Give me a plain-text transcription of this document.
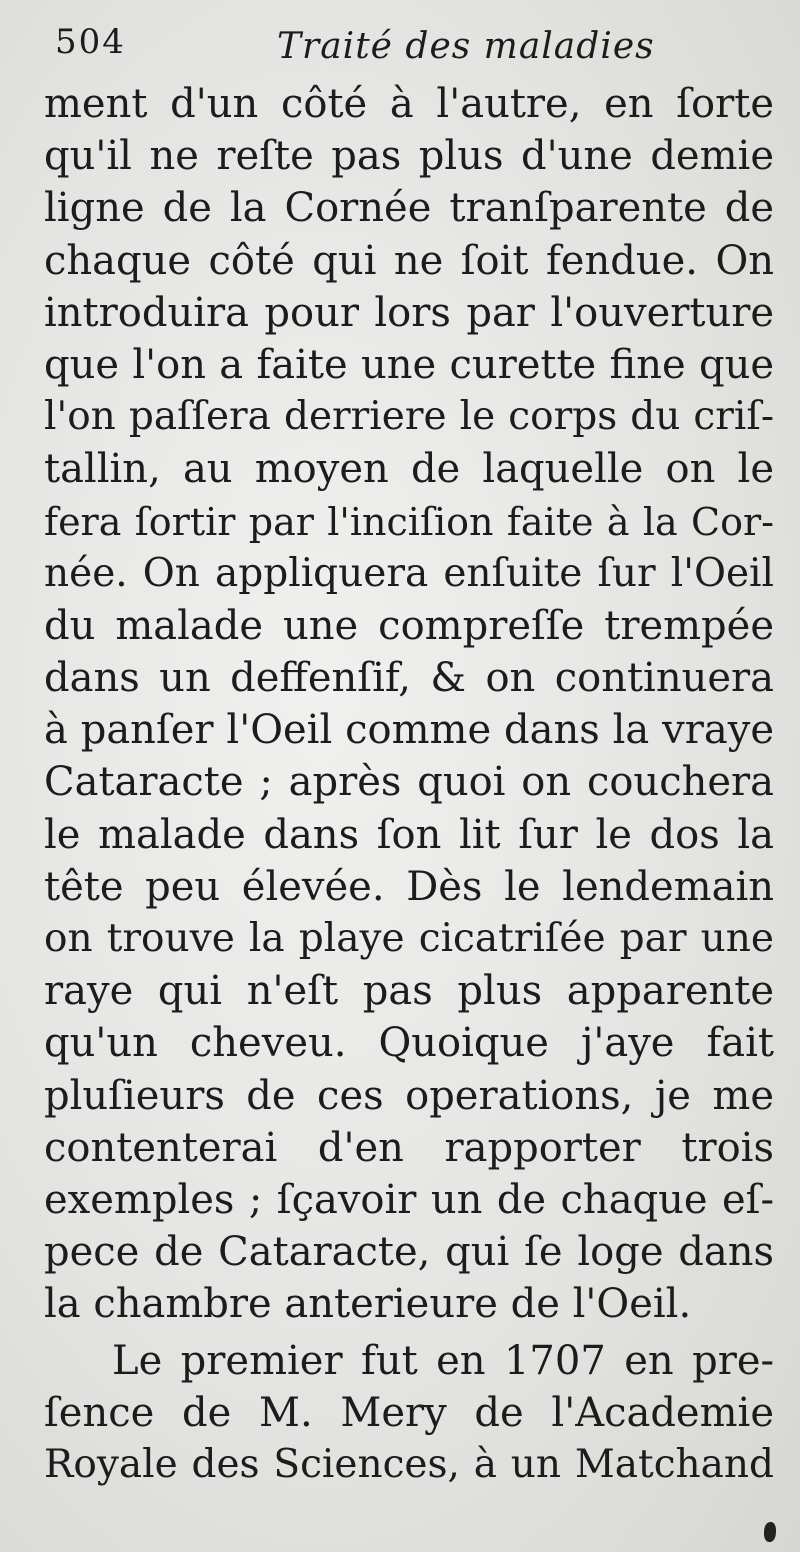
504	Traité des maladies
ment d'un côté à l'autre, en ſorte
qu'il ne reſte pas plus d'une demie
ligne de la Cornée tranſparente de
chaque côté qui ne ſoit fendue. On
introduira pour lors par l'ouverture
que l'on a faite une curette fine que
l'on paſſera derriere le corps du criſ-
tallin, au moyen de laquelle on le
fera ſortir par l'inciſion faite à la Cor-
née. On appliquera enſuite ſur l'Oeil
du malade une compreſſe trempée
dans un deffenſif, & on continuera
à panſer l'Oeil comme dans la vraye
Cataracte ; après quoi on couchera
le malade dans ſon lit ſur le dos la
tête peu élevée. Dès le lendemain
on trouve la playe cicatriſée par une
raye qui n'eſt pas plus apparente
qu'un cheveu. Quoique j'aye fait
pluſieurs de ces operations, je me
contenterai d'en rapporter trois
exemples ; ſçavoir un de chaque eſ-
pece de Cataracte, qui ſe loge dans
la chambre anterieure de l'Oeil.
Le premier fut en 1707 en pre-
ſence de M. Mery de l'Academie
Royale des Sciences, à un Matchand
